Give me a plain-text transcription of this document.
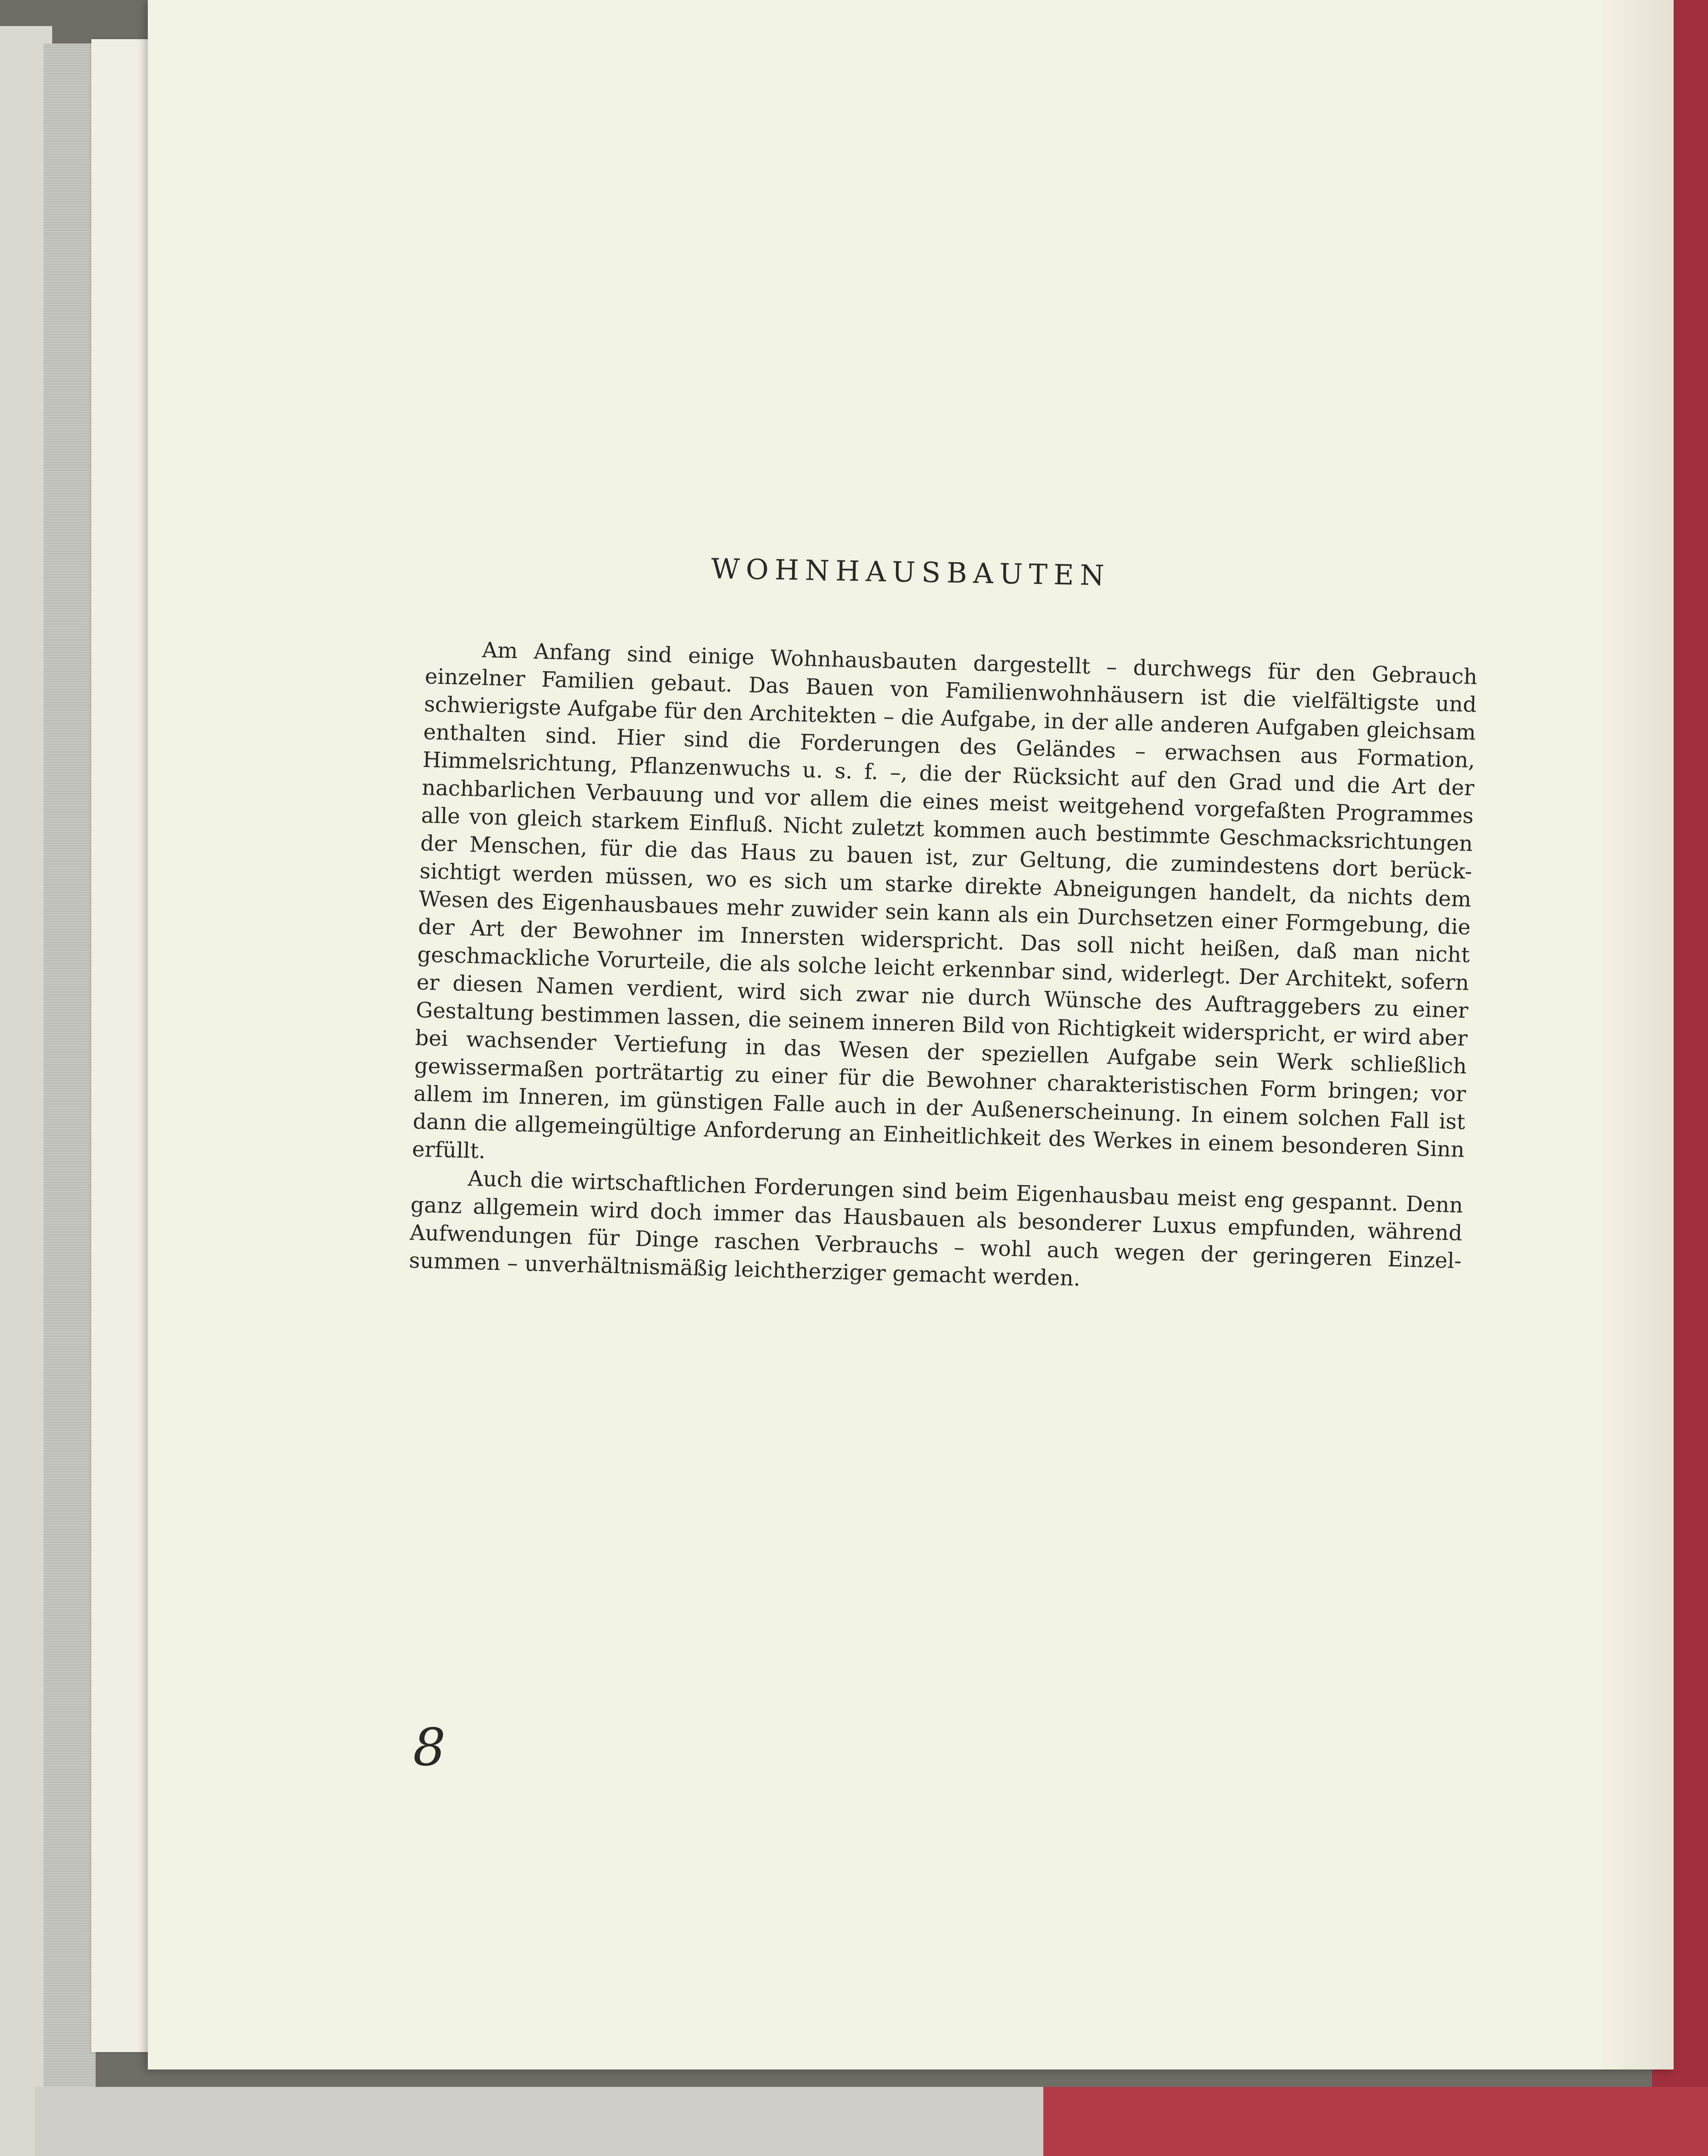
WOHNHAUSBAUTEN

Am Anfang sind einige Wohnhausbauten dargestellt – durchwegs für den Gebrauch einzelner Familien gebaut. Das Bauen von Familienwohnhäusern ist die vielfältigste und schwierigste Aufgabe für den Architekten – die Aufgabe, in der alle anderen Aufgaben gleichsam enthalten sind. Hier sind die Forderungen des Geländes – erwachsen aus Formation, Himmelsrichtung, Pflanzenwuchs u. s. f. –, die der Rücksicht auf den Grad und die Art der nachbarlichen Verbauung und vor allem die eines meist weitgehend vorgefaßten Programmes alle von gleich starkem Einfluß. Nicht zuletzt kommen auch bestimmte Geschmacksrichtungen der Menschen, für die das Haus zu bauen ist, zur Geltung, die zumindestens dort berück- sichtigt werden müssen, wo es sich um starke direkte Abneigungen handelt, da nichts dem Wesen des Eigenhausbaues mehr zuwider sein kann als ein Durchsetzen einer Formgebung, die der Art der Bewohner im Innersten widerspricht. Das soll nicht heißen, daß man nicht geschmackliche Vorurteile, die als solche leicht erkennbar sind, widerlegt. Der Architekt, sofern er diesen Namen verdient, wird sich zwar nie durch Wünsche des Auftraggebers zu einer Gestaltung bestimmen lassen, die seinem inneren Bild von Richtigkeit widerspricht, er wird aber bei wachsender Vertiefung in das Wesen der speziellen Aufgabe sein Werk schließlich gewissermaßen porträtartig zu einer für die Bewohner charakteristischen Form bringen; vor allem im Inneren, im günstigen Falle auch in der Außenerscheinung. In einem solchen Fall ist dann die allgemeingültige Anforderung an Einheitlichkeit des Werkes in einem besonderen Sinn erfüllt.

Auch die wirtschaftlichen Forderungen sind beim Eigenhausbau meist eng gespannt. Denn ganz allgemein wird doch immer das Hausbauen als besonderer Luxus empfunden, während Aufwendungen für Dinge raschen Verbrauchs – wohl auch wegen der geringeren Einzel- summen – unverhältnismäßig leichtherziger gemacht werden.

8
